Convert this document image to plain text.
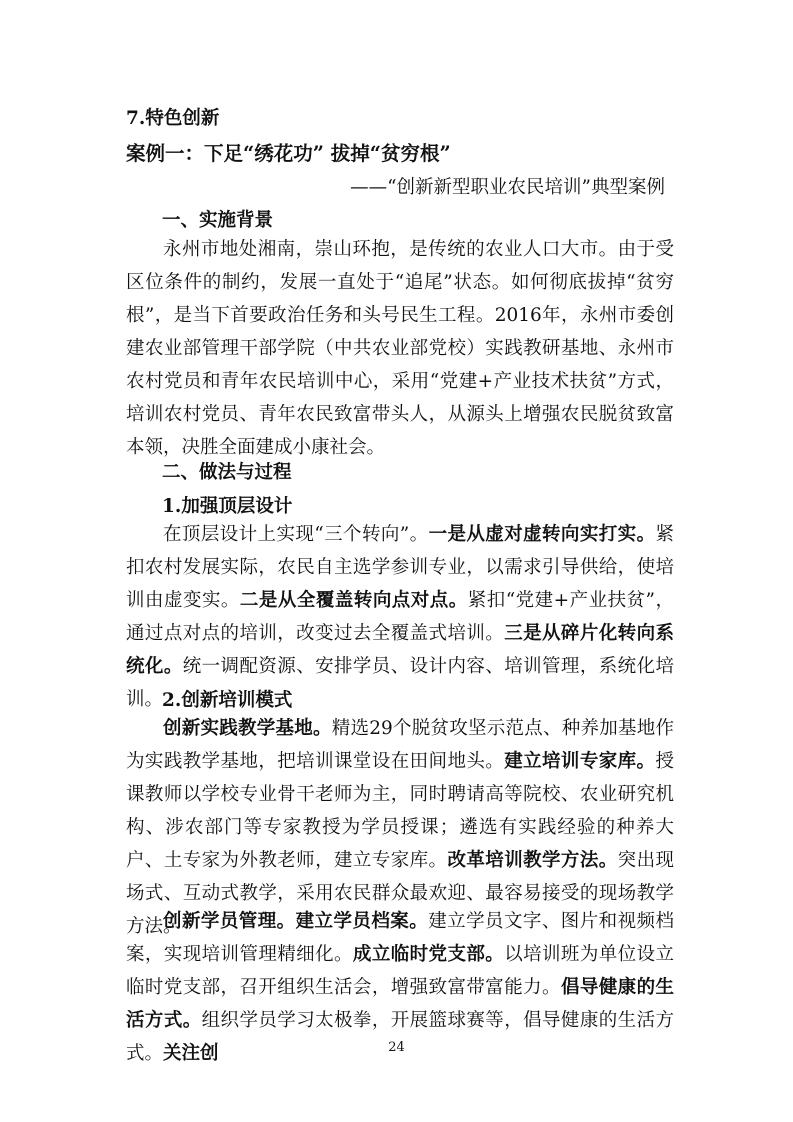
7.特色创新
案例一：下足“绣花功” 拔掉“贫穷根”
——“创新新型职业农民培训”典型案例
一、实施背景
永州市地处湘南，崇山环抱，是传统的农业人口大市。由于受区位条件的制约，发展一直处于“追尾”状态。如何彻底拔掉“贫穷根”，是当下首要政治任务和头号民生工程。2016年，永州市委创建农业部管理干部学院（中共农业部党校）实践教研基地、永州市农村党员和青年农民培训中心，采用“党建+产业技术扶贫”方式，培训农村党员、青年农民致富带头人，从源头上增强农民脱贫致富本领，决胜全面建成小康社会。
二、做法与过程
1.加强顶层设计
在顶层设计上实现“三个转向”。一是从虚对虚转向实打实。紧扣农村发展实际，农民自主选学参训专业，以需求引导供给，使培训由虚变实。二是从全覆盖转向点对点。紧扣“党建+产业扶贫”，通过点对点的培训，改变过去全覆盖式培训。三是从碎片化转向系统化。统一调配资源、安排学员、设计内容、培训管理，系统化培训。
2.创新培训模式
创新实践教学基地。精选29个脱贫攻坚示范点、种养加基地作为实践教学基地，把培训课堂设在田间地头。建立培训专家库。授课教师以学校专业骨干老师为主，同时聘请高等院校、农业研究机构、涉农部门等专家教授为学员授课；遴选有实践经验的种养大户、土专家为外教老师，建立专家库。改革培训教学方法。突出现场式、互动式教学，采用农民群众最欢迎、最容易接受的现场教学方法。
创新学员管理。建立学员档案。建立学员文字、图片和视频档案，实现培训管理精细化。成立临时党支部。以培训班为单位设立临时党支部，召开组织生活会，增强致富带富能力。倡导健康的生活方式。组织学员学习太极拳，开展篮球赛等，倡导健康的生活方式。关注创	24
